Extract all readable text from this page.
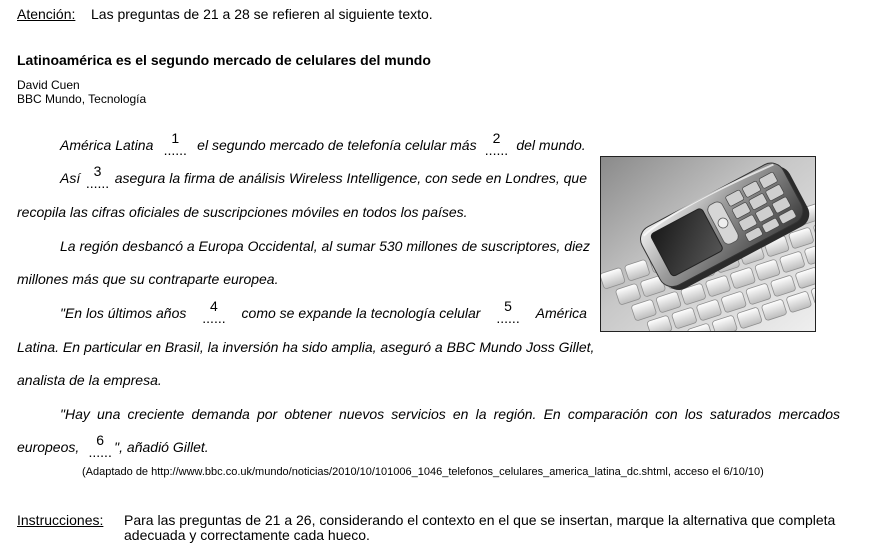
Atención: Las preguntas de 21 a 28 se refieren al siguiente texto.
Latinoamérica es el segundo mercado de celulares del mundo
David Cuen
BBC Mundo, Tecnología
América Latina	1
...... el segundo mercado de telefonía celular más	2
...... del mundo.
Así 3
...... asegura la firma de análisis Wireless Intelligence, con sede en Londres, que
recopila las cifras oficiales de suscripciones móviles en todos los países.
La región desbancó a Europa Occidental, al sumar 530 millones de suscriptores, diez
millones más que su contraparte europea.
"En los últimos años	4
...... como se expande la tecnología celular	5
...... América
Latina. En particular en Brasil, la inversión ha sido amplia, aseguró a BBC Mundo Joss Gillet,
analista de la empresa.
"Hay una creciente demanda por obtener nuevos servicios en la región. En comparación con los saturados mercados
europeos,	6
...... ", añadió Gillet.
(Adaptado de http://www.bbc.co.uk/mundo/noticias/2010/10/101006_1046_telefonos_celulares_america_latina_dc.shtml, acceso el 6/10/10)
Instrucciones: Para las preguntas de 21 a 26, considerando el contexto en el que se insertan, marque la alternativa que completa
adecuada y correctamente cada hueco.
